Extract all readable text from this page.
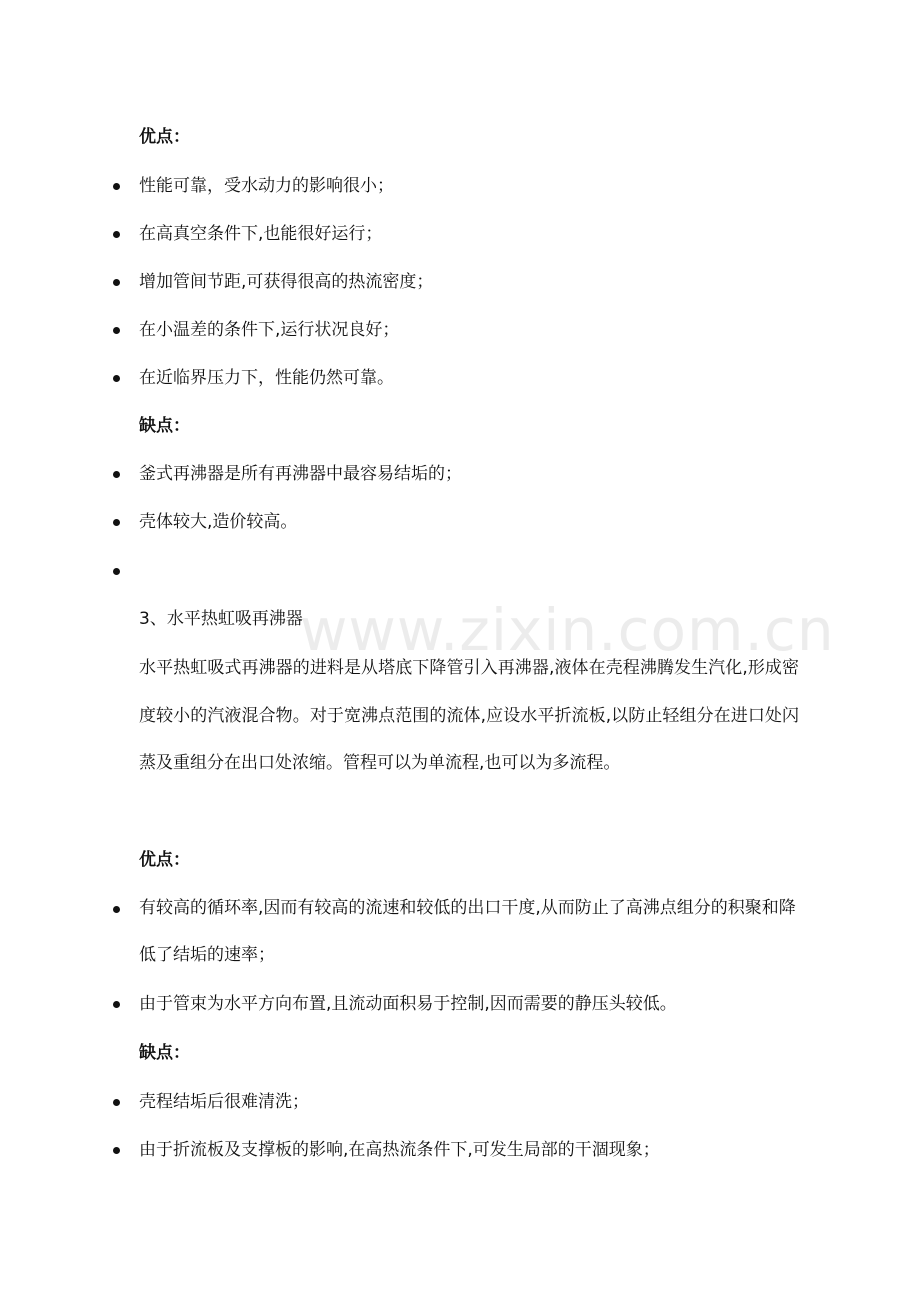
优点：
性能可靠，受水动力的影响很小；
在高真空条件下,也能很好运行；
增加管间节距,可获得很高的热流密度；
在小温差的条件下,运行状况良好；
在近临界压力下，性能仍然可靠。
缺点：
釜式再沸器是所有再沸器中最容易结垢的；
壳体较大,造价较高。
www.zixin.com.cn
3、水平热虹吸再沸器
水平热虹吸式再沸器的进料是从塔底下降管引入再沸器,液体在壳程沸腾发生汽化,形成密度较小的汽液混合物。对于宽沸点范围的流体,应设水平折流板,以防止轻组分在进口处闪蒸及重组分在出口处浓缩。管程可以为单流程,也可以为多流程。
优点：
有较高的循环率,因而有较高的流速和较低的出口干度,从而防止了高沸点组分的积聚和降低了结垢的速率；
由于管束为水平方向布置,且流动面积易于控制,因而需要的静压头较低。
缺点：
壳程结垢后很难清洗；
由于折流板及支撑板的影响,在高热流条件下,可发生局部的干涸现象；
